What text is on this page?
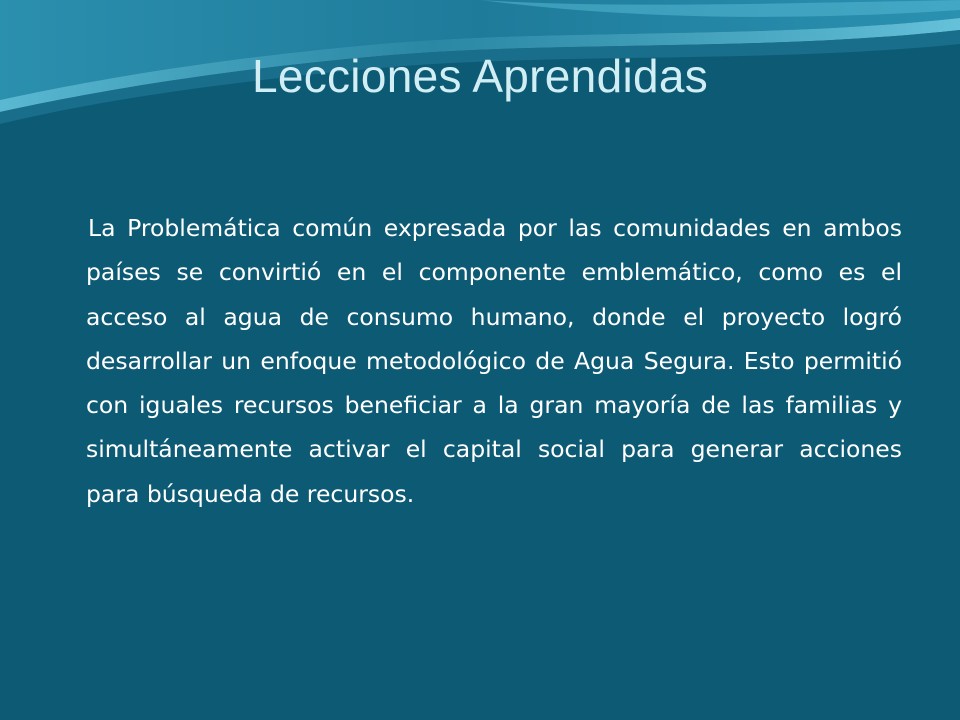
Lecciones Aprendidas

La Problemática común expresada por las comunidades en ambos países se convirtió en el componente emblemático, como es el acceso al agua de consumo humano, donde el proyecto logró desarrollar un enfoque metodológico de Agua Segura. Esto permitió con iguales recursos beneficiar a la gran mayoría de las familias y simultáneamente activar el capital social para generar acciones para búsqueda de recursos.
